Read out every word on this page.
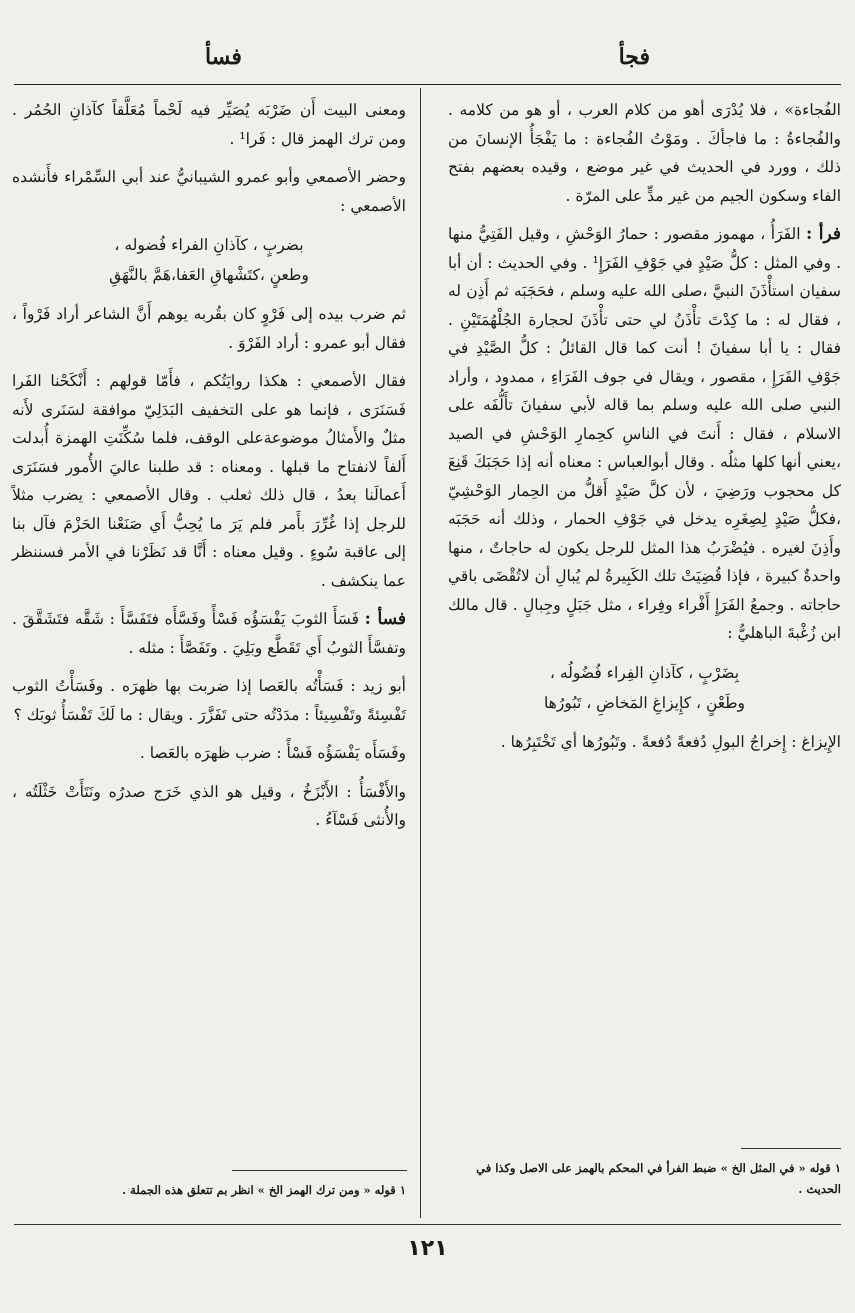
فجأ
فسأ

الفُجاءة» ، فلا يُدْرَى أهو من كلام العرب ، أو هو من كلامه . والفُجاءةُ : ما فاجأكَ . ومَوْتُ الفُجاءة : ما يَفْجَأُ الإنسانَ من ذلك ، وورد في الحديث في غير موضع ، وقيده بعضهم بفتح الفاء وسكون الجيم من غير مدٍّ على المرّة .

فرأ : الفَرَأُ ، مهموز مقصور : حمارُ الوَحْشِ ، وقيل الفَتِيُّ منها . وفي المثل : كلُّ صَيْدٍ في جَوْفِ الفَرَإِ¹ . وفي الحديث : أن أبا سفيان استأْذَنَ النبيَّ ،صلى الله عليه وسلم ، فحَجَبَه ثم أَذِن له ، فقال له : ما كِدْتَ تأْذَنُ لي حتى تأْذَنَ لحجارة الجُلْهُمَتَيْنِ . فقال : يا أبا سفيانَ ! أنت كما قال القائلُ : كلُّ الصَّيْدِ في جَوْفِ الفَرَإِ ، مقصور ، ويقال في جوف الفَرَاءِ ، ممدود ، وأراد النبي صلى الله عليه وسلم بما قاله لأبي سفيانَ تأَلُّفَه على الاسلام ، فقال : أَنتَ في الناسِ كحِمارِ الوَحْشِ في الصيد ،يعني أنها كلها مثلُه . وقال أبوالعباس : معناه أنه إذا حَجَبَكَ قَنِعَ كل محجوب ورَضِيَ ، لأن كلَّ صَيْدٍ أَقلُّ من الحِمار الوَحْشِيّ ،فكلُّ صَيْدٍ لِصِغَرِه يدخل في جَوْفِ الحمار ، وذلك أنه حَجَبَه وأَذِنَ لغيره . فيُضْرَبُ هذا المثل للرجل يكون له حاجاتٌ ، منها واحدةٌ كبيرة ، فإذا قُضِيَتْ تلك الكَبِيرةُ لم يُبالِ أن لاتُقْضَى باقي حاجاته . وجمعُ الفَرَإِ أَفْراء وفِراء ، مثل جَبَلٍ وجِبالٍ . قال مالك ابن زُغْبةَ الباهليُّ :

بِضَرْبٍ ، كآذانِ الفِراء فُضُولُه ،
وطَعْنٍ ، كإِيزاغِ المَخاضِ ، تَبُورُها

الإِيزاغ : إِخراجُ البولِ دُفعةً دُفعةً . وتَبُورُها أي تَخْتَبِرُها .

ومعنى البيت أَن ضَرْبَه يُصَيِّر فيه لَحْماً مُعَلَّقاً كآذانِ الحُمُر . ومن ترك الهمز قال : فَرا¹ .

وحضر الأصمعي وأبو عمرو الشيبانيُّ عند أبي السِّمْراء فأَنشده الأصمعي :

بضربٍ ، كآذانِ الفراء فُضوله ،
وطعنٍ ،كتَشْهاقِ العَفا،هَمَّ بالنَّهَقِ

ثم ضرب بيده إلى فَرْوٍ كان بقُربه يوهم أَنَّ الشاعر أراد فَرْواً ، فقال أبو عمرو : أراد الفَرْوَ .

فقال الأصمعي : هكذا روايَتُكم ، فأَمّا قولهم : أَنْكَحْنا الفَرا فَسَنَرَى ، فإنما هو على التخفيف البَدَلِيّ موافقة لسَنَرى لأَنه مثلٌ والأَمثالُ موضوعةعلى الوقف، فلما سُكِّنَتِ الهمزة أُبدلت أَلفاً لانفتاح ما قبلها . ومعناه : قد طلبنا عاليَ الأُمور فسَنَرَى أَعمالَنا بعدُ ، قال ذلك ثعلب . وقال الأصمعي : يضرب مثلاً للرجل إذا غُرِّرَ بأَمر فلم يَرَ ما يُحِبُّ أَي صَنَعْنا الحَزْمَ فآل بنا إلى عاقبة سُوءٍ . وقيل معناه : أَنَّا قد نَظَرْنا في الأمر فسننظر عما ينكشف .

فسأ : فَسَأَ الثوبَ يَفْسَؤُه فَسْأً وفَسَّأَه فتَفَسَّأَ : شَقَّه فتَشَقَّقَ . وتفسَّأَ الثوبُ أَي تَقَطَّع وبَلِيَ . وتَفَصَّأَ : مثله .

أبو زيد : فَسَأْتُه بالعَصا إذا ضربت بها ظهرَه . وفَسَأْتُ الثوب تَفْسِئةً وتَفْسِيئاً : مدَدْتُه حتى تَفَزَّرَ . ويقال : ما لَكَ تَفْسَأُ ثوبَك ؟

وفَسَأَه يَفْسَؤُه فَسْأً : ضرب ظهرَه بالعَصا .

والأَفْسَأُ : الأَبْزَخُ ، وقيل هو الذي خَرَج صدرُه ونَتَأَتْ خَثْلَتُه ، والأُنثى فَسْآءُ .

١ قوله « في المثل الخ » ضبط الفرأ في المحكم بالهمز على الاصل وكذا في الحديث .
١ قوله « ومن ترك الهمز الخ » انظر بم تتعلق هذه الجملة .
١٢١
